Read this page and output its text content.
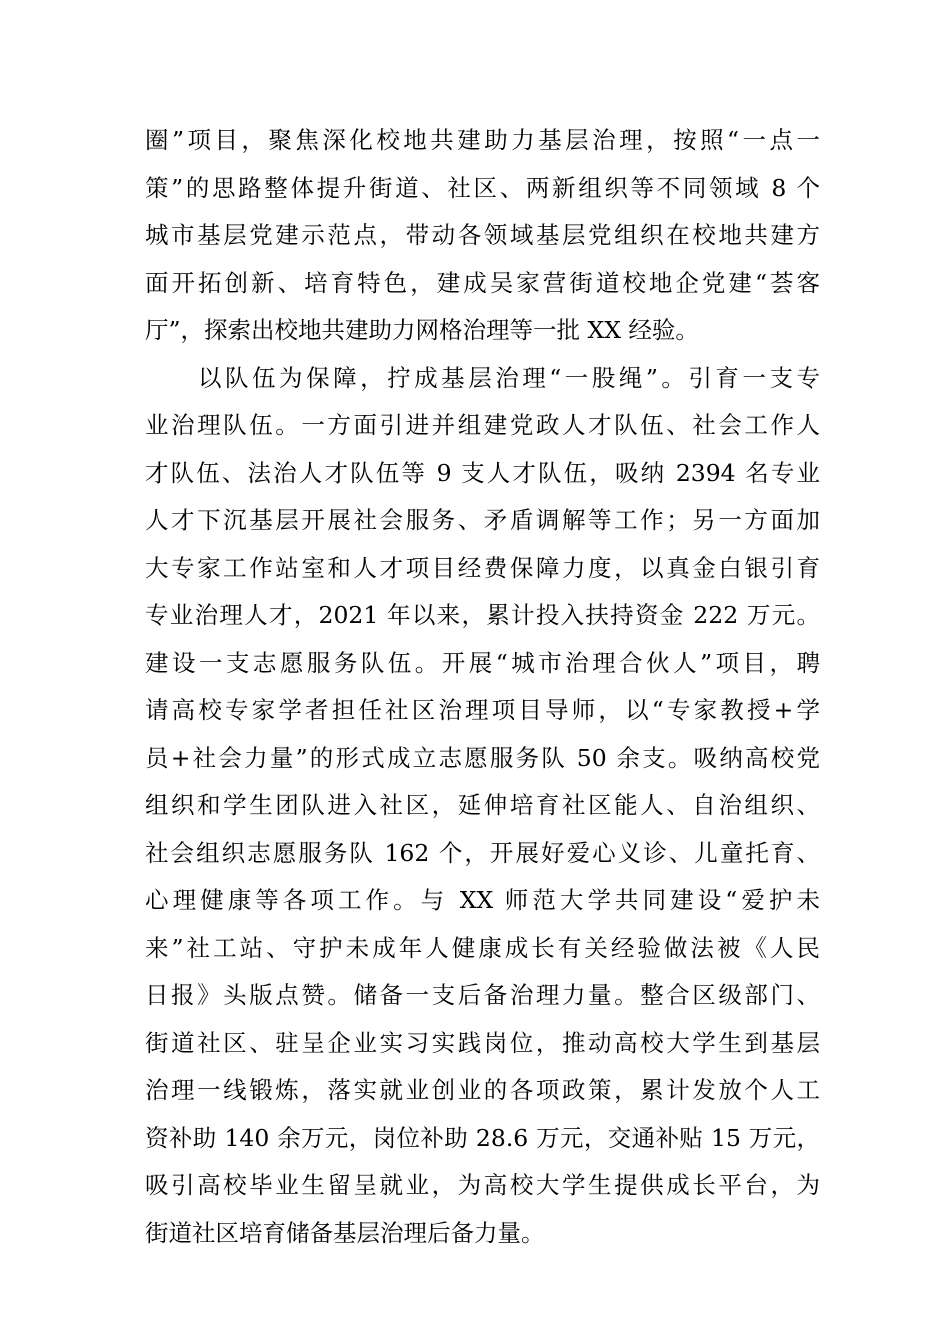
圈”项目，聚焦深化校地共建助力基层治理，按照“一点一
策”的思路整体提升街道、社区、两新组织等不同领域 8 个
城市基层党建示范点，带动各领域基层党组织在校地共建方
面开拓创新、培育特色，建成吴家营街道校地企党建“荟客
厅”，探索出校地共建助力网格治理等一批 XX 经验。
以队伍为保障，拧成基层治理“一股绳”。引育一支专
业治理队伍。一方面引进并组建党政人才队伍、社会工作人
才队伍、法治人才队伍等 9 支人才队伍，吸纳 2394 名专业
人才下沉基层开展社会服务、矛盾调解等工作；另一方面加
大专家工作站室和人才项目经费保障力度，以真金白银引育
专业治理人才，2021 年以来，累计投入扶持资金 222 万元。
建设一支志愿服务队伍。开展“城市治理合伙人”项目，聘
请高校专家学者担任社区治理项目导师，以“专家教授+学
员+社会力量”的形式成立志愿服务队 50 余支。吸纳高校党
组织和学生团队进入社区，延伸培育社区能人、自治组织、
社会组织志愿服务队 162 个，开展好爱心义诊、儿童托育、
心理健康等各项工作。与 XX 师范大学共同建设“爱护未
来”社工站、守护未成年人健康成长有关经验做法被《人民
日报》头版点赞。储备一支后备治理力量。整合区级部门、
街道社区、驻呈企业实习实践岗位，推动高校大学生到基层
治理一线锻炼，落实就业创业的各项政策，累计发放个人工
资补助 140 余万元，岗位补助 28.6 万元，交通补贴 15 万元，
吸引高校毕业生留呈就业，为高校大学生提供成长平台，为
街道社区培育储备基层治理后备力量。
